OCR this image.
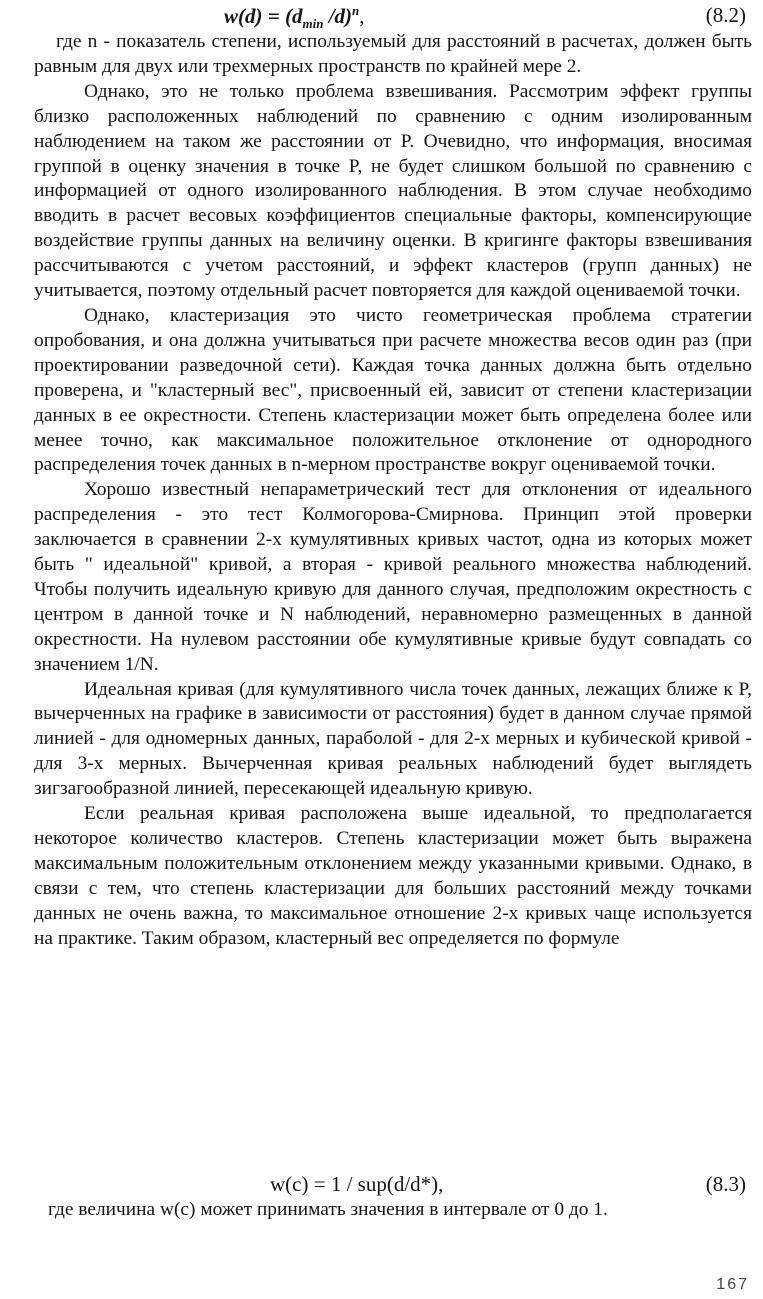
$w(d) = (d_{min}$ /d)$^n$,	(8.2)

где n - показатель степени, используемый для расстояний в расчетах, должен быть равным для двух или трехмерных пространств по крайней мере 2.

Однако, это не только проблема взвешивания. Рассмотрим эффект группы близко расположенных наблюдений по сравнению с одним изолированным наблюдением на таком же расстоянии от P. Очевидно, что информация, вносимая группой в оценку значения в точке P, не будет слишком большой по сравнению с информацией от одного изолированного наблюдения. В этом случае необходимо вводить в расчет весовых коэффициентов специальные факторы, компенсирующие воздействие группы данных на величину оценки. В кригинге факторы взвешивания рассчитываются с учетом расстояний, и эффект кластеров (групп данных) не учитывается, поэтому отдельный расчет повторяется для каждой оцениваемой точки.

Однако, кластеризация это чисто геометрическая проблема стратегии опробования, и она должна учитываться при расчете множества весов один раз (при проектировании разведочной сети). Каждая точка данных должна быть отдельно проверена, и "кластерный вес", присвоенный ей, зависит от степени кластеризации данных в ее окрестности. Степень кластеризации может быть определена более или менее точно, как максимальное положительное отклонение от однородного распределения точек данных в n-мерном пространстве вокруг оцениваемой точки.

Хорошо известный непараметрический тест для отклонения от идеального распределения - это тест Колмогорова-Смирнова. Принцип этой проверки заключается в сравнении 2-х кумулятивных кривых частот, одна из которых может быть " идеальной" кривой, а вторая - кривой реального множества наблюдений. Чтобы получить идеальную кривую для данного случая, предположим окрестность с центром в данной точке и N наблюдений, неравномерно размещенных в данной окрестности. На нулевом расстоянии обе кумулятивные кривые будут совпадать со значением 1/N.

Идеальная кривая (для кумулятивного числа точек данных, лежащих ближе к P, вычерченных на графике в зависимости от расстояния) будет в данном случае прямой линией - для одномерных данных, параболой - для 2-х мерных и кубической кривой - для 3-х мерных. Вычерченная кривая реальных наблюдений будет выглядеть зигзагообразной линией, пересекающей идеальную кривую.

Если реальная кривая расположена выше идеальной, то предполагается некоторое количество кластеров. Степень кластеризации может быть выражена максимальным положительным отклонением между указанными кривыми. Однако, в связи с тем, что степень кластеризации для больших расстояний между точками данных не очень важна, то максимальное отношение 2-х кривых чаще используется на практике. Таким образом, кластерный вес определяется по формуле

w(c) = 1 / sup(d/d*),	(8.3)
где величина w(c) может принимать значения в интервале от 0 до 1.
167
